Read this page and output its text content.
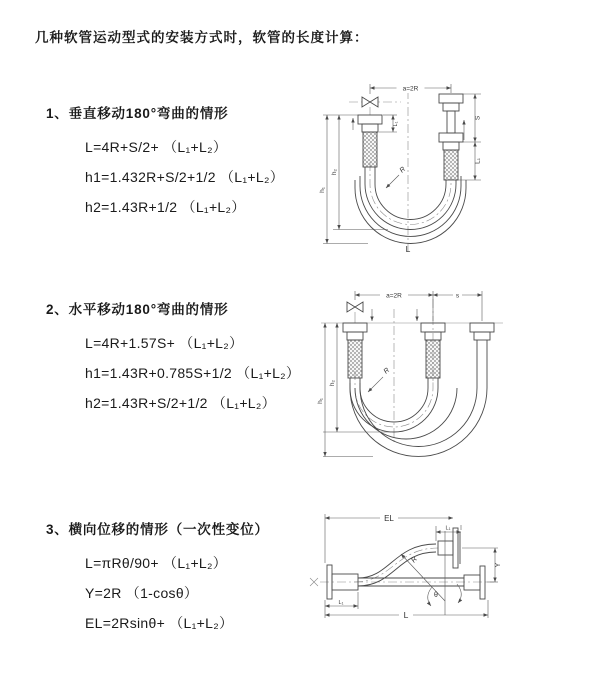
几种软管运动型式的安装方式时，软管的长度计算：
1、垂直移动180°弯曲的情形
L=4R+S/2+ （L₁+L₂）
h1=1.432R+S/2+1/2 （L₁+L₂）
h2=1.43R+1/2 （L₁+L₂）
2、水平移动180°弯曲的情形
L=4R+1.57S+ （L₁+L₂）
h1=1.43R+0.785S+1/2 （L₁+L₂）
h2=1.43R+S/2+1/2 （L₁+L₂）
3、横向位移的情形（一次性变位）
L=πRθ/90+ （L₁+L₂）
Y=2R （1-cosθ）
EL=2Rsinθ+ （L₁+L₂）
a=2R
S
L₁
h₂
h₁
L₁
R
L
a=2R	s
h₂
h₁
R
EL
L₁
Y
L
L₁
R
θ
